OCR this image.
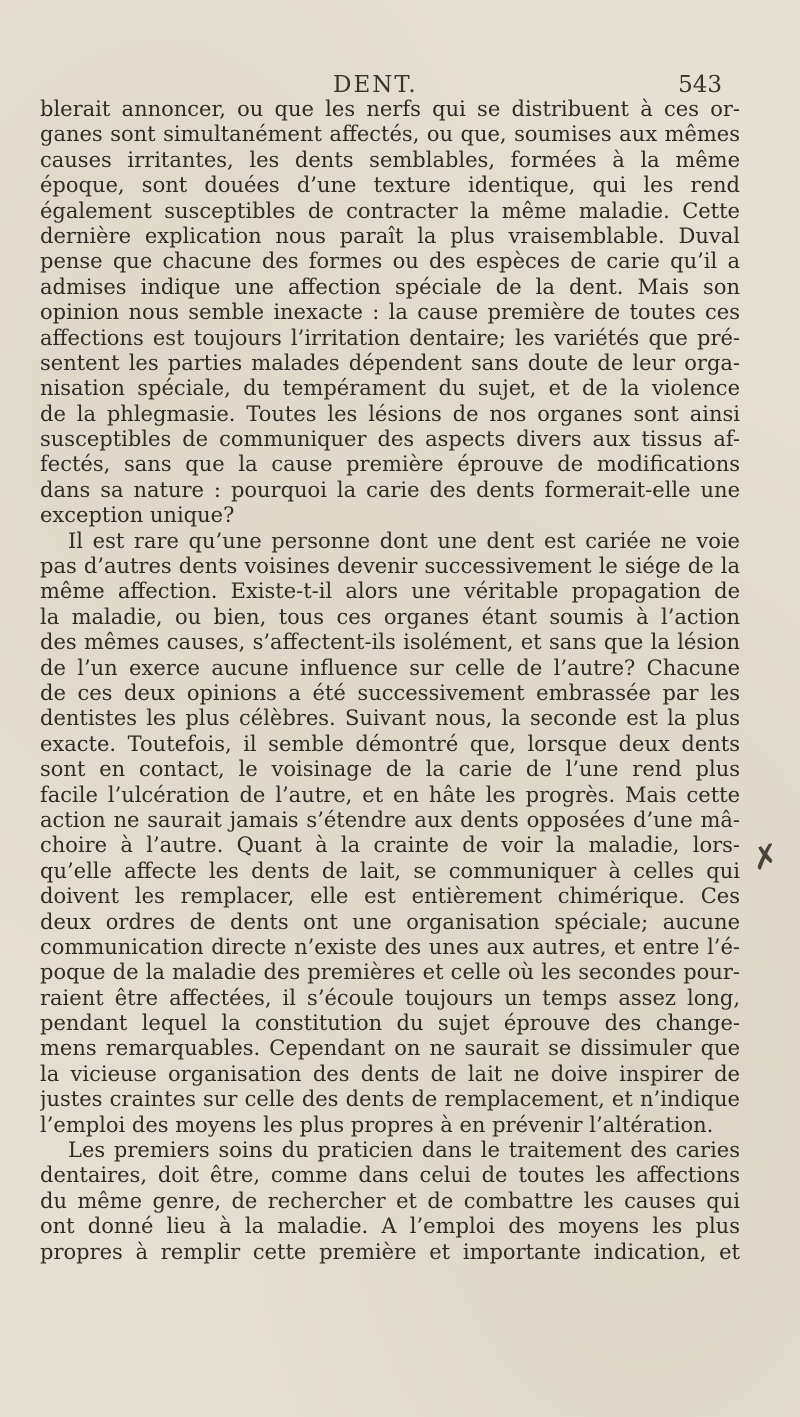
DENT.	543
blerait annoncer, ou que les nerfs qui se distribuent à ces or-
ganes sont simultanément affectés, ou que, soumises aux mêmes
causes irritantes, les dents semblables, formées à la même
époque, sont douées d’une texture identique, qui les rend
également susceptibles de contracter la même maladie. Cette
dernière explication nous paraît la plus vraisemblable. Duval
pense que chacune des formes ou des espèces de carie qu’il a
admises indique une affection spéciale de la dent. Mais son
opinion nous semble inexacte : la cause première de toutes ces
affections est toujours l’irritation dentaire; les variétés que pré-
sentent les parties malades dépendent sans doute de leur orga-
nisation spéciale, du tempérament du sujet, et de la violence
de la phlegmasie. Toutes les lésions de nos organes sont ainsi
susceptibles de communiquer des aspects divers aux tissus af-
fectés, sans que la cause première éprouve de modifications
dans sa nature : pourquoi la carie des dents formerait-elle une
exception unique?
Il est rare qu’une personne dont une dent est cariée ne voie
pas d’autres dents voisines devenir successivement le siége de la
même affection. Existe-t-il alors une véritable propagation de
la maladie, ou bien, tous ces organes étant soumis à l’action
des mêmes causes, s’affectent-ils isolément, et sans que la lésion
de l’un exerce aucune influence sur celle de l’autre? Chacune
de ces deux opinions a été successivement embrassée par les
dentistes les plus célèbres. Suivant nous, la seconde est la plus
exacte. Toutefois, il semble démontré que, lorsque deux dents
sont en contact, le voisinage de la carie de l’une rend plus
facile l’ulcération de l’autre, et en hâte les progrès. Mais cette
action ne saurait jamais s’étendre aux dents opposées d’une mâ-
choire à l’autre. Quant à la crainte de voir la maladie, lors-
qu’elle affecte les dents de lait, se communiquer à celles qui
doivent les remplacer, elle est entièrement chimérique. Ces
deux ordres de dents ont une organisation spéciale; aucune
communication directe n’existe des unes aux autres, et entre l’é-
poque de la maladie des premières et celle où les secondes pour-
raient être affectées, il s’écoule toujours un temps assez long,
pendant lequel la constitution du sujet éprouve des change-
mens remarquables. Cependant on ne saurait se dissimuler que
la vicieuse organisation des dents de lait ne doive inspirer de
justes craintes sur celle des dents de remplacement, et n’indique
l’emploi des moyens les plus propres à en prévenir l’altération.
Les premiers soins du praticien dans le traitement des caries
dentaires, doit être, comme dans celui de toutes les affections
du même genre, de rechercher et de combattre les causes qui
ont donné lieu à la maladie. A l’emploi des moyens les plus
propres à remplir cette première et importante indication, et
✗
